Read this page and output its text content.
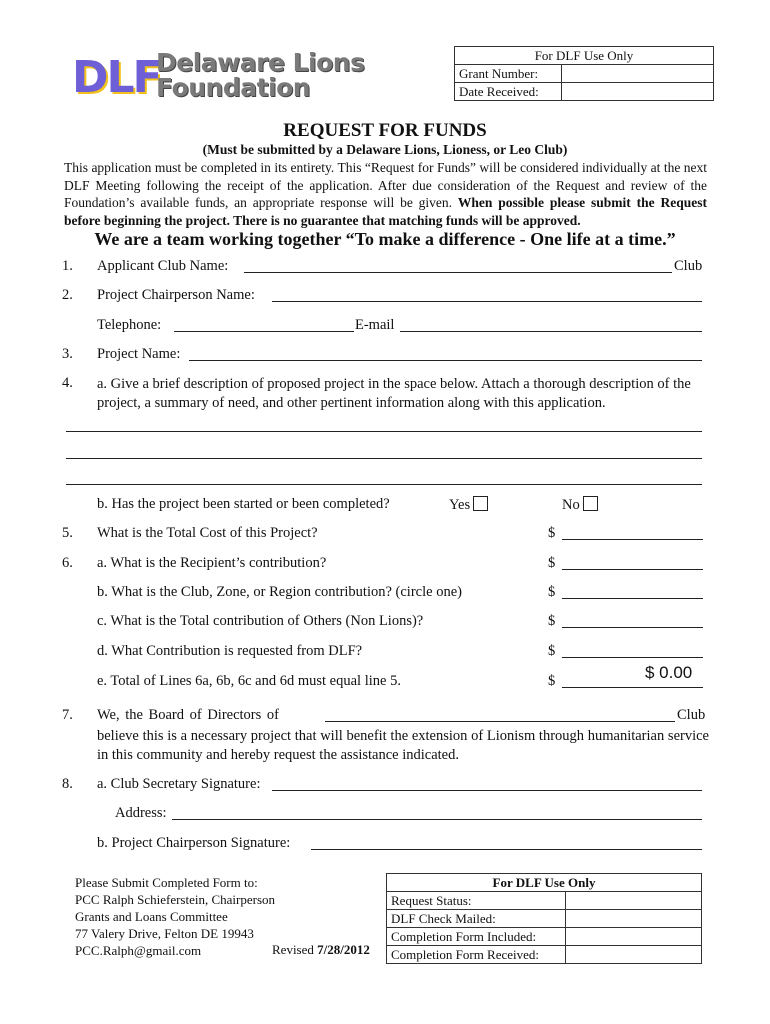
DLF
Delaware Lions
Foundation
For DLF Use Only	
Grant Number:	
Date Received:	
REQUEST FOR FUNDS
(Must be submitted by a Delaware Lions, Lioness, or Leo Club)
This application must be completed in its entirety. This “Request for Funds” will be considered individually at the next DLF Meeting following the receipt of the application. After due consideration of the Request and review of the Foundation’s available funds, an appropriate response will be given. When possible please submit the Request before beginning the project. There is no guarantee that matching funds will be approved.
We are a team working together “To make a difference - One life at a time.”
1. Applicant Club Name:	Club
2. Project Chairperson Name:
Telephone:	E-mail
3. Project Name:
4. a. Give a brief description of proposed project in the space below. Attach a thorough description of the project, a summary of need, and other pertinent information along with this application.
b. Has the project been started or been completed?	Yes	No
5. What is the Total Cost of this Project?	$
6. a. What is the Recipient’s contribution?	$
b. What is the Club, Zone, or Region contribution? (circle one)	$
c. What is the Total contribution of Others (Non Lions)?	$
d. What Contribution is requested from DLF?	$
e. Total of Lines 6a, 6b, 6c and 6d must equal line 5.	$	$ 0.00
7. We, the Board of Directors of	Club
believe this is a necessary project that will benefit the extension of Lionism through humanitarian service in this community and hereby request the assistance indicated.
8. a. Club Secretary Signature:
Address:
b. Project Chairperson Signature:
Please Submit Completed Form to:
PCC Ralph Schieferstein, Chairperson
Grants and Loans Committee
77 Valery Drive, Felton DE 19943
PCC.Ralph@gmail.com	Revised 7/28/2012
For DLF Use Only	
Request Status:	
DLF Check Mailed:	
Completion Form Included:	
Completion Form Received:	
